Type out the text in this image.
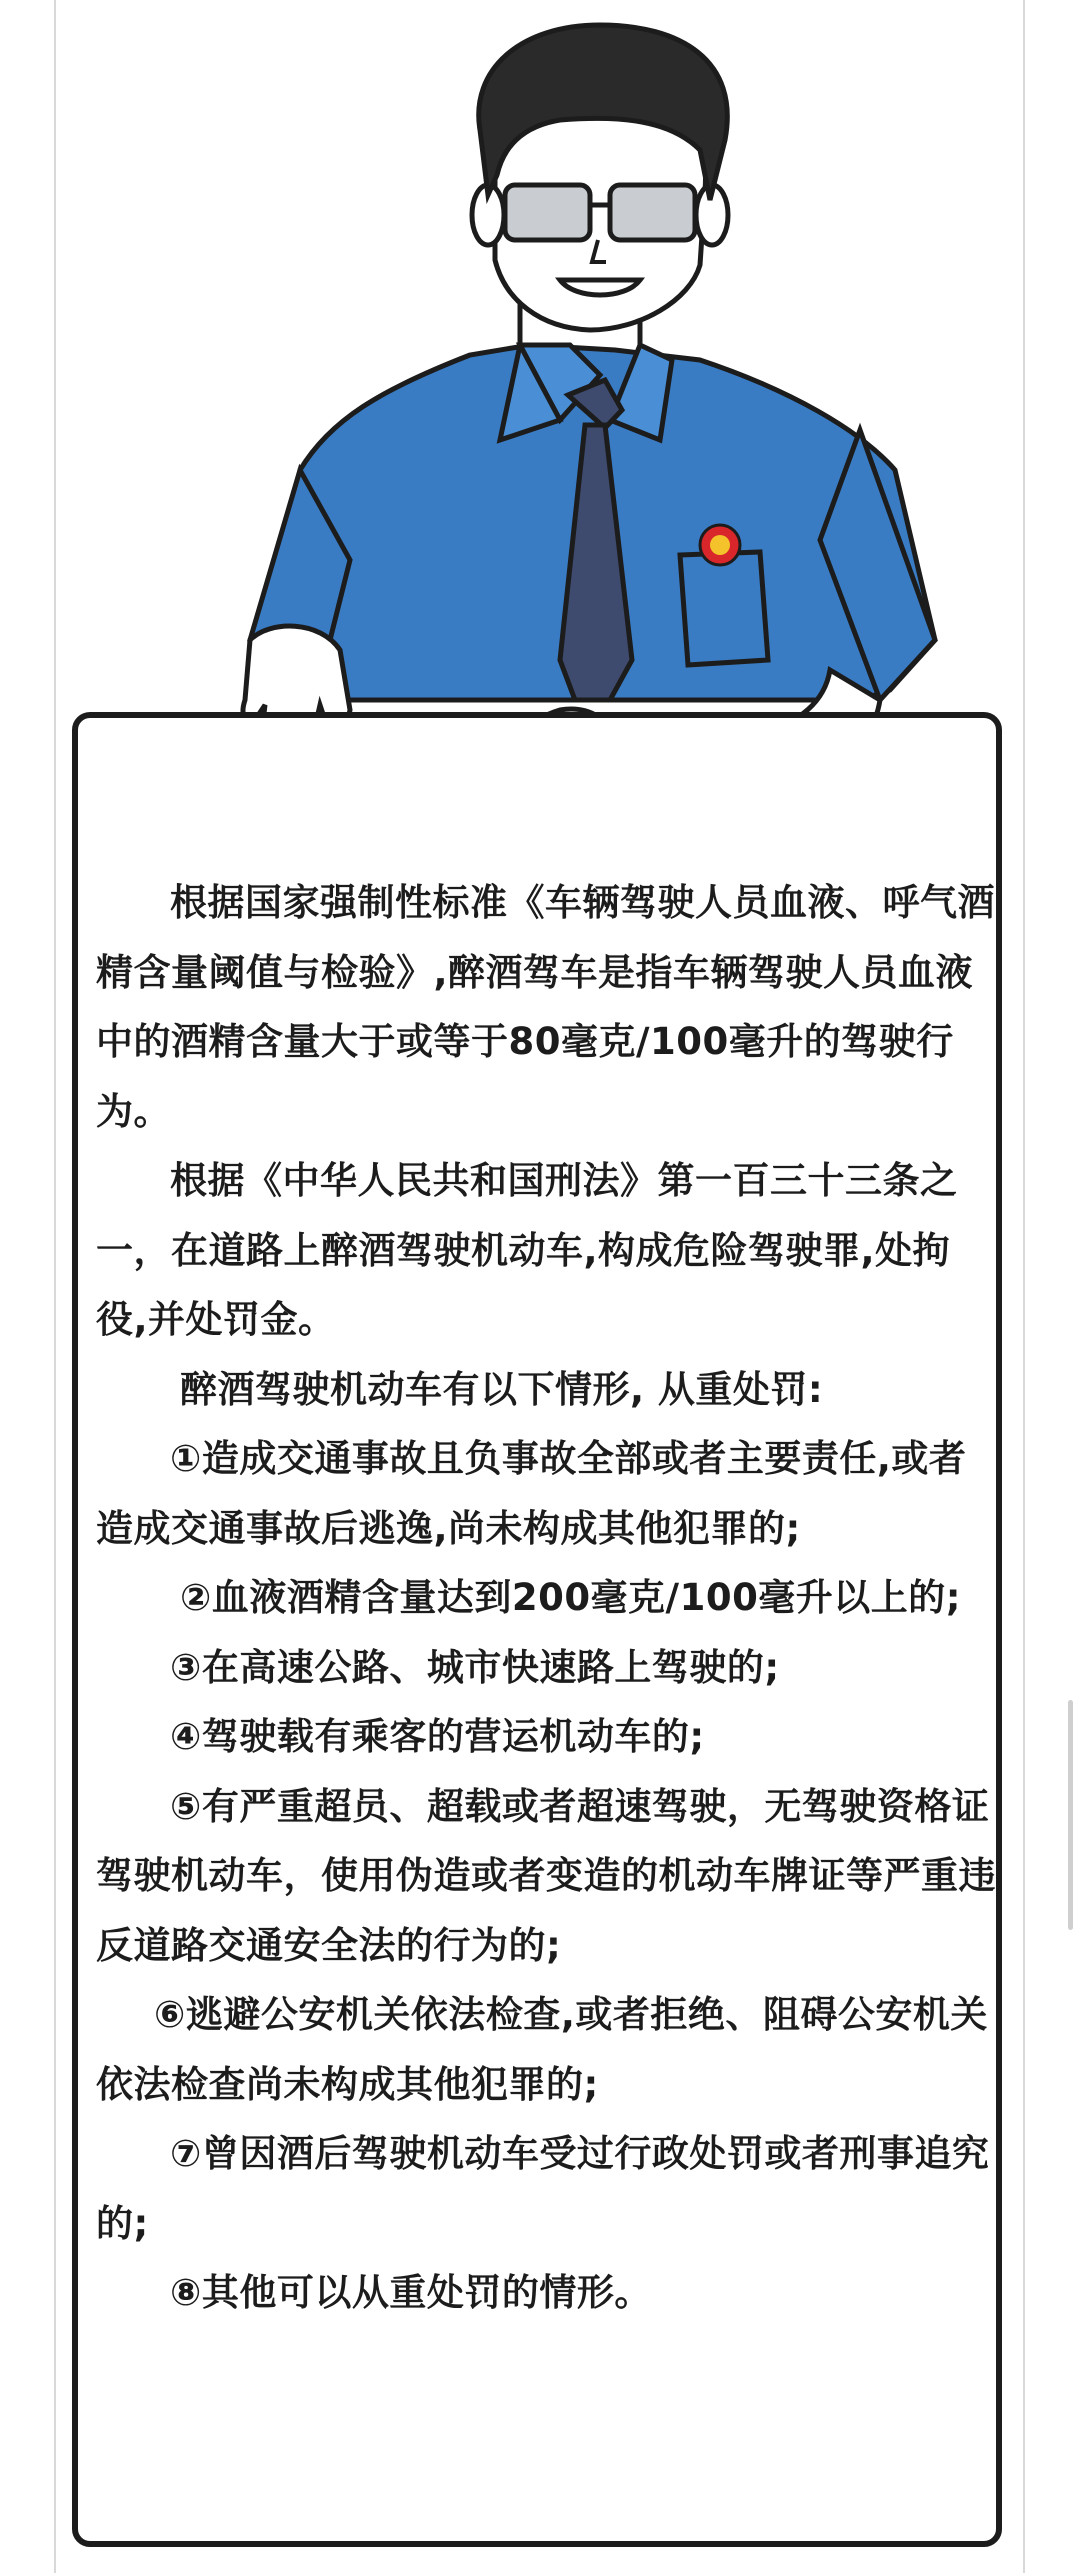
根据国家强制性标准《车辆驾驶人员血液、呼气酒精含量阈值与检验》,醉酒驾车是指车辆驾驶人员血液中的酒精含量大于或等于80毫克/100毫升的驾驶行为。

根据《中华人民共和国刑法》第一百三十三条之一，在道路上醉酒驾驶机动车,构成危险驾驶罪,处拘役,并处罚金。

醉酒驾驶机动车有以下情形, 从重处罚:

①造成交通事故且负事故全部或者主要责任,或者造成交通事故后逃逸,尚未构成其他犯罪的;

②血液酒精含量达到200毫克/100毫升以上的;

③在高速公路、城市快速路上驾驶的;

④驾驶载有乘客的营运机动车的;

⑤有严重超员、超载或者超速驾驶，无驾驶资格证驾驶机动车，使用伪造或者变造的机动车牌证等严重违反道路交通安全法的行为的;

⑥逃避公安机关依法检查,或者拒绝、阻碍公安机关依法检查尚未构成其他犯罪的;

⑦曾因酒后驾驶机动车受过行政处罚或者刑事追究的;

⑧其他可以从重处罚的情形。
